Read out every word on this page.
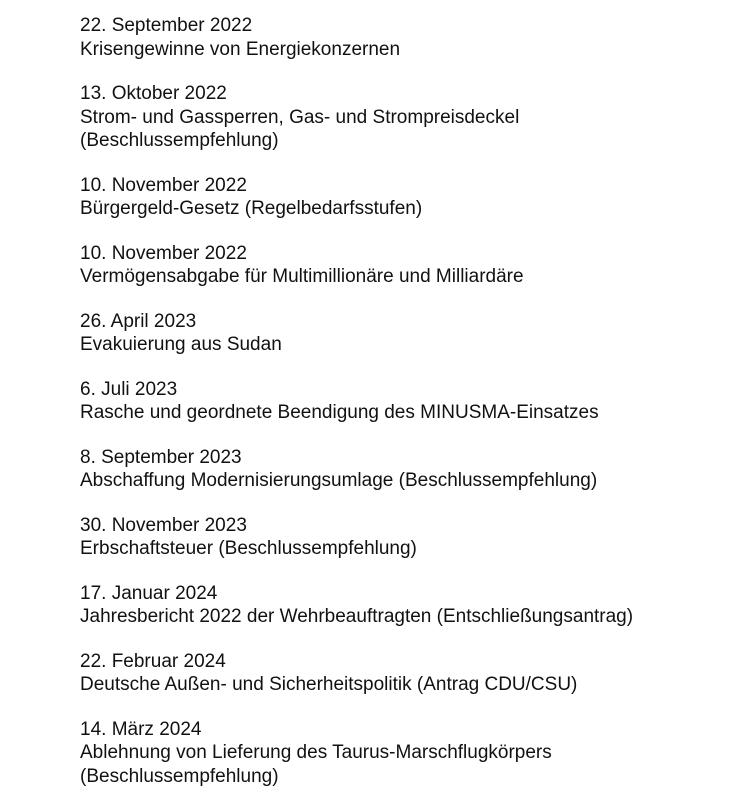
22. September 2022
Krisengewinne von Energiekonzernen
13. Oktober 2022
Strom- und Gassperren, Gas- und Strompreisdeckel
(Beschlussempfehlung)
10. November 2022
Bürgergeld-Gesetz (Regelbedarfsstufen)
10. November 2022
Vermögensabgabe für Multimillionäre und Milliardäre
26. April 2023
Evakuierung aus Sudan
6. Juli 2023
Rasche und geordnete Beendigung des MINUSMA-Einsatzes
8. September 2023
Abschaffung Modernisierungsumlage (Beschlussempfehlung)
30. November 2023
Erbschaftsteuer (Beschlussempfehlung)
17. Januar 2024
Jahresbericht 2022 der Wehrbeauftragten (Entschließungsantrag)
22. Februar 2024
Deutsche Außen- und Sicherheitspolitik (Antrag CDU/CSU)
14. März 2024
Ablehnung von Lieferung des Taurus-Marschflugkörpers
(Beschlussempfehlung)
